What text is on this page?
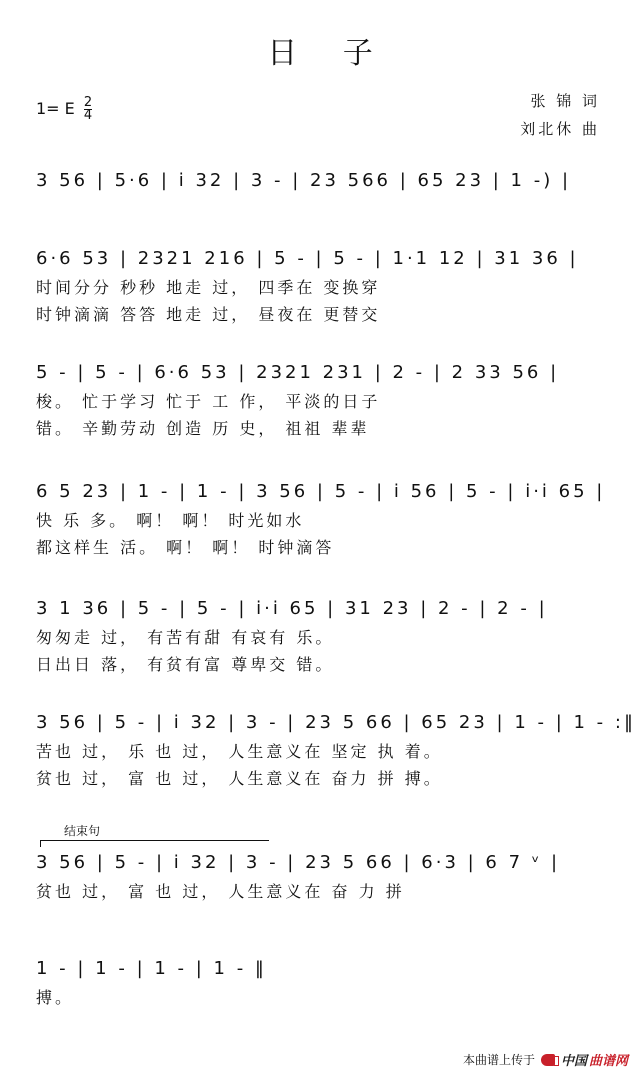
日 子
1= E $\frac{2}{4}$	张 锦 词
刘北休 曲
3 56 | 5·6 | i 32 | 3 - | 23 566 | 65 23 | 1 -) |
6·6 53 | 2321 216 | 5 - | 5 - | 1·1 12 | 31 36 |
时间分分 秒秒 地走 过， 四季在 变换穿
时钟滴滴 答答 地走 过， 昼夜在 更替交
5 - | 5 - | 6·6 53 | 2321 231 | 2 - | 2 33 56 |
梭。 忙于学习 忙于 工 作， 平淡的日子
错。 辛勤劳动 创造 历 史， 祖祖 辈辈
6 5 23 | 1 - | 1 - | 3 56 | 5 - | i 56 | 5 - | i·i 65 |
快 乐 多。 啊！ 啊！ 时光如水
都这样生 活。 啊！ 啊！ 时钟滴答
3 1 36 | 5 - | 5 - | i·i 65 | 31 23 | 2 - | 2 - |
匆匆走 过， 有苦有甜 有哀有 乐。
日出日 落， 有贫有富 尊卑交 错。
3 56 | 5 - | i 32 | 3 - | 23 5 66 | 65 23 | 1 - | 1 - :‖
苦也 过， 乐 也 过， 人生意义在 坚定 执 着。
贫也 过， 富 也 过， 人生意义在 奋力 拼 搏。
结束句
3 56 | 5 - | i 32 | 3 - | 23 5 66 | 6·3 | 6 7 ᵛ |
贫也 过， 富 也 过， 人生意义在 奋 力 拼
1 - | 1 - | 1 - | 1 - ‖
搏。
本曲谱上传于 中国 曲谱网
